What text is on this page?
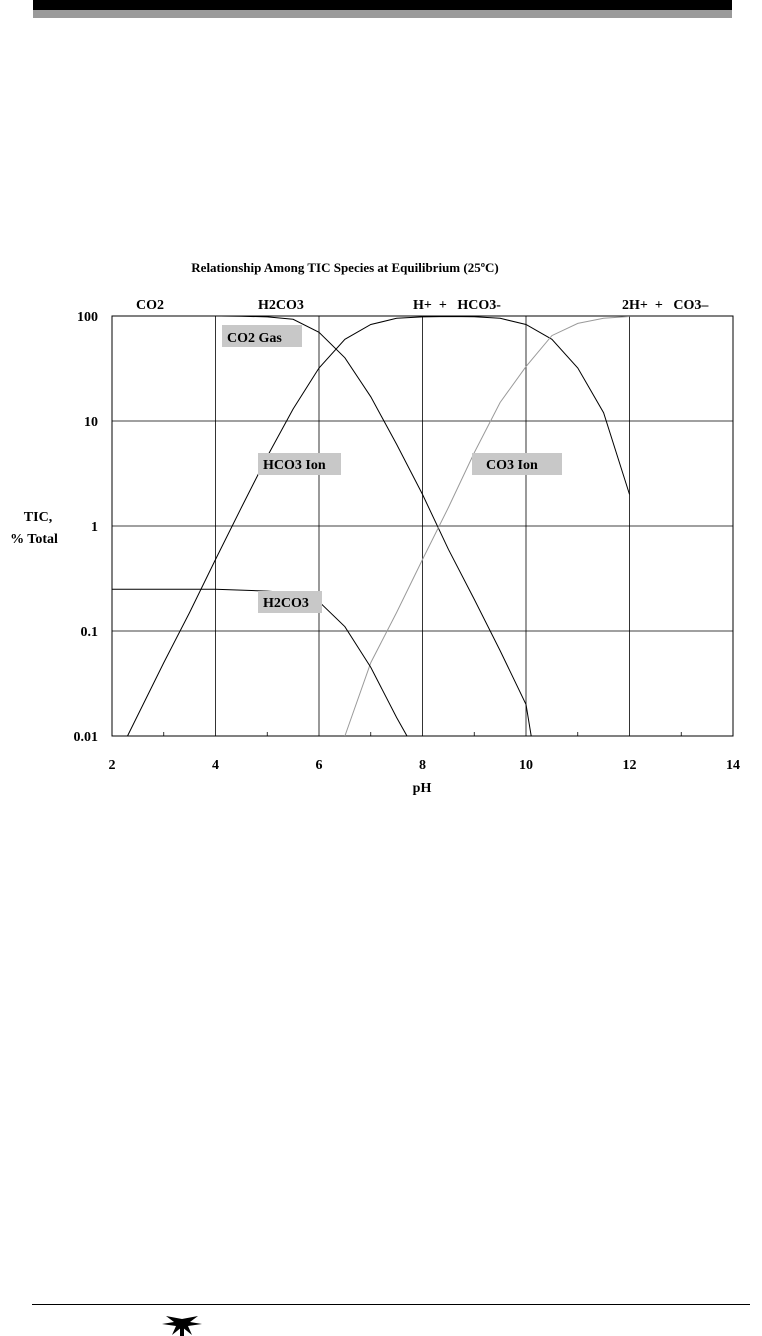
Relationship Among TIC Species at Equilibrium (25ºC)
CO2	H2CO3	H+  +   HCO3-	2H+  +   CO3–
CO2 Gas
HCO3 Ion	CO3 Ion
H2CO3
100
10
1
0.1
0.01
2	4	6	8	10	12	14
TIC,
% Total
pH
